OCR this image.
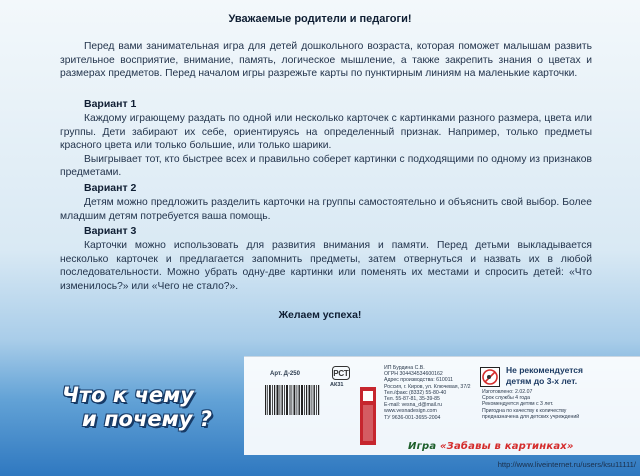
Уважаемые родители и педагоги!

Перед вами занимательная игра для детей дошкольного возраста, которая поможет малышам развить зрительное восприятие, внимание, память, логическое мышление, а также закрепить знания о цветах и размерах предметов. Перед началом игры разрежьте карты по пунктирным линиям на маленькие карточки.

Вариант 1

Каждому играющему раздать по одной или несколько карточек с картинками разного размера, цвета или группы. Дети забирают их себе, ориентируясь на определенный признак. Например, только предметы красного цвета или только большие, или только шарики.

Выигрывает тот, кто быстрее всех и правильно соберет картинки с подходящими по одному из признаков предметами.

Вариант 2

Детям можно предложить разделить карточки на группы самостоятельно и объяснить свой выбор. Более младшим детям потребуется ваша помощь.

Вариант 3

Карточки можно использовать для развития внимания и памяти. Перед детьми выкладывается несколько карточек и предлагается запомнить предметы, затем отвернуться и назвать их в любой последовательности. Можно убрать одну-две картинки или поменять их местами и спросить детей: «Что изменилось?» или «Чего не стало?».

Желаем успеха!
Что к чему
и почему ?
Арт. Д-250	РСТ
АК31
ИП Бурдина С.В.
ОГРН 304434534600162
Адрес производства: 610011
Россия, г. Киров, ул. Ключевая, 37/2
Тел./факс (8332) 55-80-40
Тел. 55-87-81, 35-39-85
E-mail: vesna_d@mail.ru
www.vesnadesign.com
ТУ 9636-001-3655-2004
Не рекомендуется
детям до 3-х лет.
Изготовлено: 2.02.07
Срок службы 4 года
Рекомендуется детям с 3 лет.
Пригодна по качеству к количеству
предназначена для детских учреждений
Игра «Забавы в картинках»
http://www.liveinternet.ru/users/ksu11111/
